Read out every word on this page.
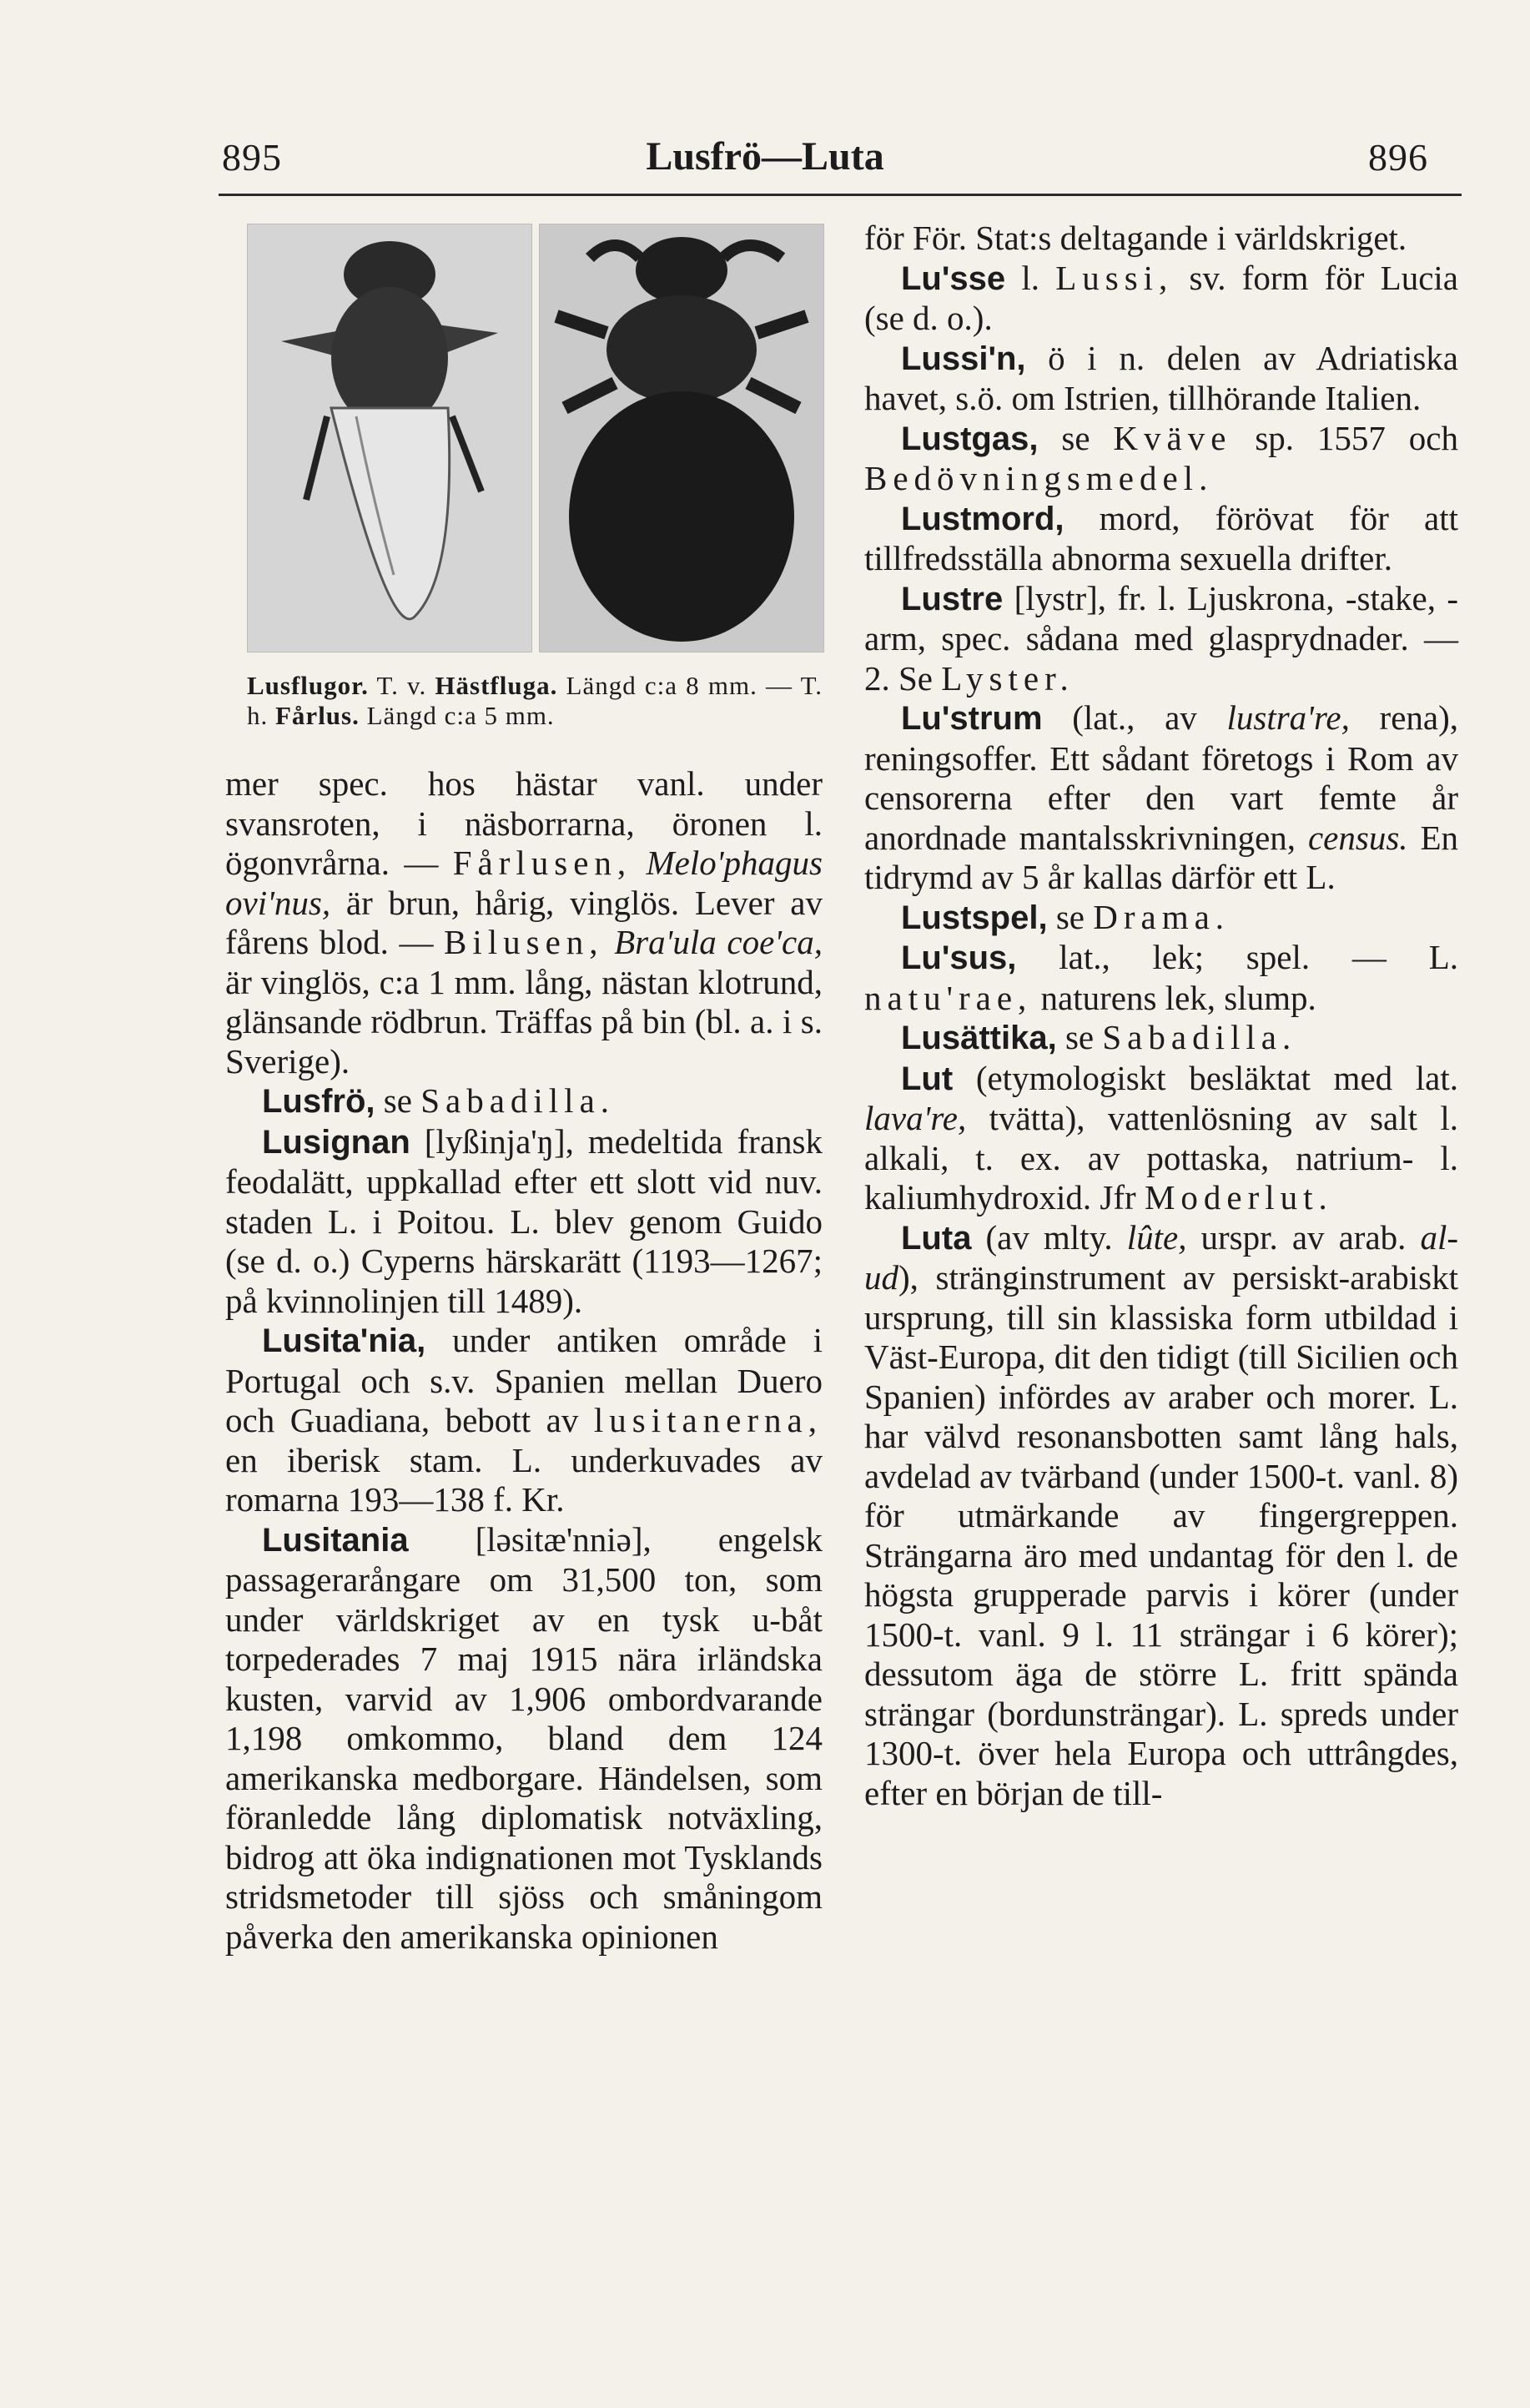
895	Lusfrö—Luta	896
Lusflugor. T. v. Hästfluga. Längd c:a 8 mm. — T. h. Fårlus. Längd c:a 5 mm.

mer spec. hos hästar vanl. under svansroten, i näsborrarna, öronen l. ögonvrårna. — Fårlusen, Melo'phagus ovi'nus, är brun, hårig, vinglös. Lever av fårens blod. — Bilusen, Bra'ula coe'ca, är vinglös, c:a 1 mm. lång, nästan klotrund, glänsande rödbrun. Träffas på bin (bl. a. i s. Sverige).

Lusfrö, se Sabadilla.

Lusignan [lyßinja'ŋ], medeltida fransk feodalätt, uppkallad efter ett slott vid nuv. staden L. i Poitou. L. blev genom Guido (se d. o.) Cyperns härskarätt (1193—1267; på kvinnolinjen till 1489).

Lusita'nia, under antiken område i Portugal och s.v. Spanien mellan Duero och Guadiana, bebott av lusitanerna, en iberisk stam. L. underkuvades av romarna 193—138 f. Kr.

Lusitania [ləsitæ'nniə], engelsk passagerarångare om 31,500 ton, som under världskriget av en tysk u-båt torpederades 7 maj 1915 nära irländska kusten, varvid av 1,906 ombordvarande 1,198 omkommo, bland dem 124 amerikanska medborgare. Händelsen, som föranledde lång diplomatisk notväxling, bidrog att öka indignationen mot Tysklands stridsmetoder till sjöss och småningom påverka den amerikanska opinionen

för För. Stat:s deltagande i världskriget.

Lu'sse l. Lussi, sv. form för Lucia (se d. o.).

Lussi'n, ö i n. delen av Adriatiska havet, s.ö. om Istrien, tillhörande Italien.

Lustgas, se Kväve sp. 1557 och Bedövningsmedel.

Lustmord, mord, förövat för att tillfredsställa abnorma sexuella drifter.

Lustre [lystr], fr. l. Ljuskrona, -stake, -arm, spec. sådana med glasprydnader. — 2. Se Lyster.

Lu'strum (lat., av lustra're, rena), reningsoffer. Ett sådant företogs i Rom av censorerna efter den vart femte år anordnade mantalsskrivningen, census. En tidrymd av 5 år kallas därför ett L.

Lustspel, se Drama.

Lu'sus, lat., lek; spel. — L. natu'rae, naturens lek, slump.

Lusättika, se Sabadilla.

Lut (etymologiskt besläktat med lat. lava're, tvätta), vattenlösning av salt l. alkali, t. ex. av pottaska, natrium- l. kaliumhydroxid. Jfr Moderlut.

Luta (av mlty. lûte, urspr. av arab. al-ud), stränginstrument av persiskt-arabiskt ursprung, till sin klassiska form utbildad i Väst-Europa, dit den tidigt (till Sicilien och Spanien) infördes av araber och morer. L. har välvd resonansbotten samt lång hals, avdelad av tvärband (under 1500-t. vanl. 8) för utmärkande av fingergreppen. Strängarna äro med undantag för den l. de högsta grupperade parvis i körer (under 1500-t. vanl. 9 l. 11 strängar i 6 körer); dessutom äga de större L. fritt spända strängar (bordunsträngar). L. spreds under 1300-t. över hela Europa och uttrângdes, efter en början de till-
